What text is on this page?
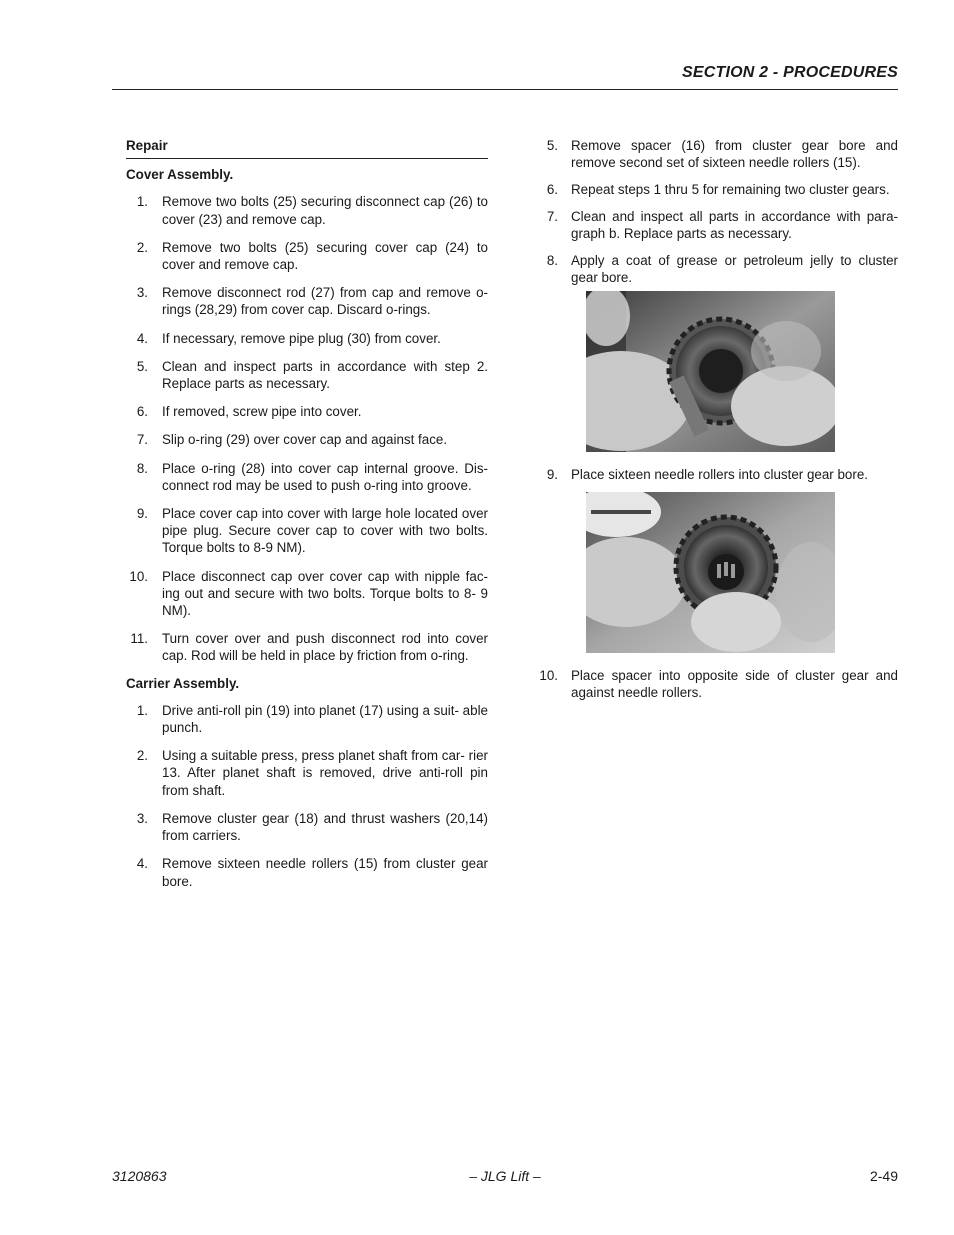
SECTION 2 - PROCEDURES
Repair
Cover Assembly.
1. Remove two bolts (25) securing disconnect cap (26) to cover (23) and remove cap.
2. Remove two bolts (25) securing cover cap (24) to cover and remove cap.
3. Remove disconnect rod (27) from cap and remove o-rings (28,29) from cover cap. Discard o-rings.
4. If necessary, remove pipe plug (30) from cover.
5. Clean and inspect parts in accordance with step 2. Replace parts as necessary.
6. If removed, screw pipe into cover.
7. Slip o-ring (29) over cover cap and against face.
8. Place o-ring (28) into cover cap internal groove. Dis- connect rod may be used to push o-ring into groove.
9. Place cover cap into cover with large hole located over pipe plug. Secure cover cap to cover with two bolts. Torque bolts to 8-9 NM).
10. Place disconnect cap over cover cap with nipple fac- ing out and secure with two bolts. Torque bolts to 8- 9 NM).
11. Turn cover over and push disconnect rod into cover cap. Rod will be held in place by friction from o-ring.
Carrier Assembly.
1. Drive anti-roll pin (19) into planet (17) using a suit- able punch.
2. Using a suitable press, press planet shaft from car- rier 13. After planet shaft is removed, drive anti-roll pin from shaft.
3. Remove cluster gear (18) and thrust washers (20,14) from carriers.
4. Remove sixteen needle rollers (15) from cluster gear bore.
5. Remove spacer (16) from cluster gear bore and remove second set of sixteen needle rollers (15).
6. Repeat steps 1 thru 5 for remaining two cluster gears.
7. Clean and inspect all parts in accordance with para- graph b. Replace parts as necessary.
8. Apply a coat of grease or petroleum jelly to cluster gear bore.
9. Place sixteen needle rollers into cluster gear bore.
10. Place spacer into opposite side of cluster gear and against needle rollers.
3120863	– JLG Lift –	2-49
